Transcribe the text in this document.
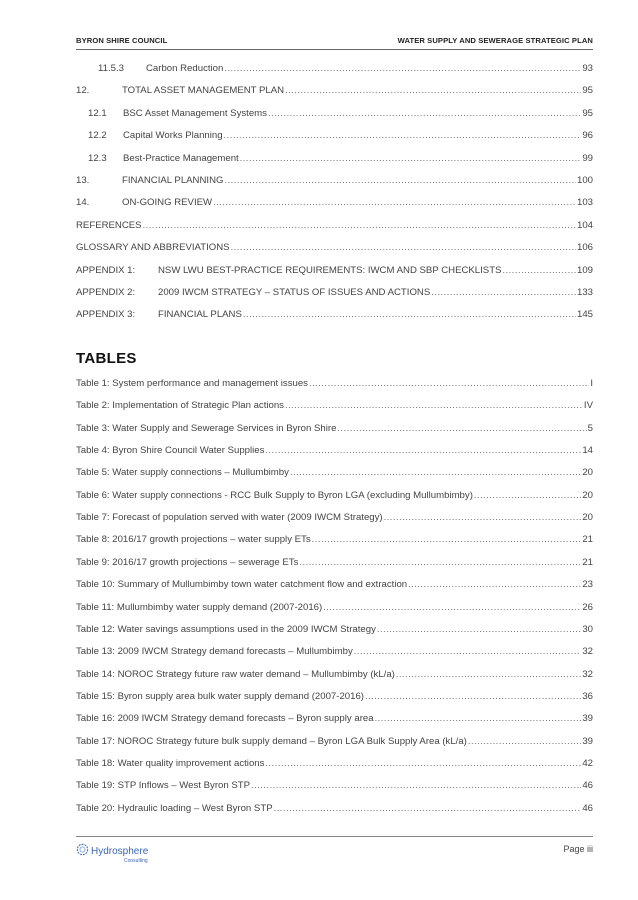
BYRON SHIRE COUNCIL	WATER SUPPLY AND SEWERAGE STRATEGIC PLAN
11.5.3 Carbon Reduction .....	93
12.	TOTAL ASSET MANAGEMENT PLAN .....	95
12.1 BSC Asset Management Systems .....	95
12.2 Capital Works Planning .....	96
12.3 Best-Practice Management .....	99
13.	FINANCIAL PLANNING .....	100
14.	ON-GOING REVIEW .....	103
REFERENCES .....	104
GLOSSARY AND ABBREVIATIONS .....	106
APPENDIX 1: NSW LWU BEST-PRACTICE REQUIREMENTS: IWCM AND SBP CHECKLISTS .....	109
APPENDIX 2: 2009 IWCM STRATEGY – STATUS OF ISSUES AND ACTIONS .....	133
APPENDIX 3: FINANCIAL PLANS .....	145
TABLES
Table 1: System performance and management issues .....	I
Table 2: Implementation of Strategic Plan actions .....	IV
Table 3: Water Supply and Sewerage Services in Byron Shire .....	5
Table 4: Byron Shire Council Water Supplies .....	14
Table 5: Water supply connections – Mullumbimby .....	20
Table 6: Water supply connections - RCC Bulk Supply to Byron LGA (excluding Mullumbimby) .....	20
Table 7: Forecast of population served with water (2009 IWCM Strategy) .....	20
Table 8: 2016/17 growth projections – water supply ETs .....	21
Table 9: 2016/17 growth projections – sewerage ETs .....	21
Table 10: Summary of Mullumbimby town water catchment flow and extraction .....	23
Table 11: Mullumbimby water supply demand (2007-2016) .....	26
Table 12: Water savings assumptions used in the 2009 IWCM Strategy .....	30
Table 13: 2009 IWCM Strategy demand forecasts – Mullumbimby .....	32
Table 14: NOROC Strategy future raw water demand – Mullumbimby (kL/a) .....	32
Table 15: Byron supply area bulk water supply demand (2007-2016) .....	36
Table 16: 2009 IWCM Strategy demand forecasts – Byron supply area .....	39
Table 17: NOROC Strategy future bulk supply demand – Byron LGA Bulk Supply Area (kL/a) .....	39
Table 18: Water quality improvement actions .....	42
Table 19: STP Inflows – West Byron STP .....	46
Table 20: Hydraulic loading – West Byron STP .....	46
Hydrosphere
Consulting
Page iii
